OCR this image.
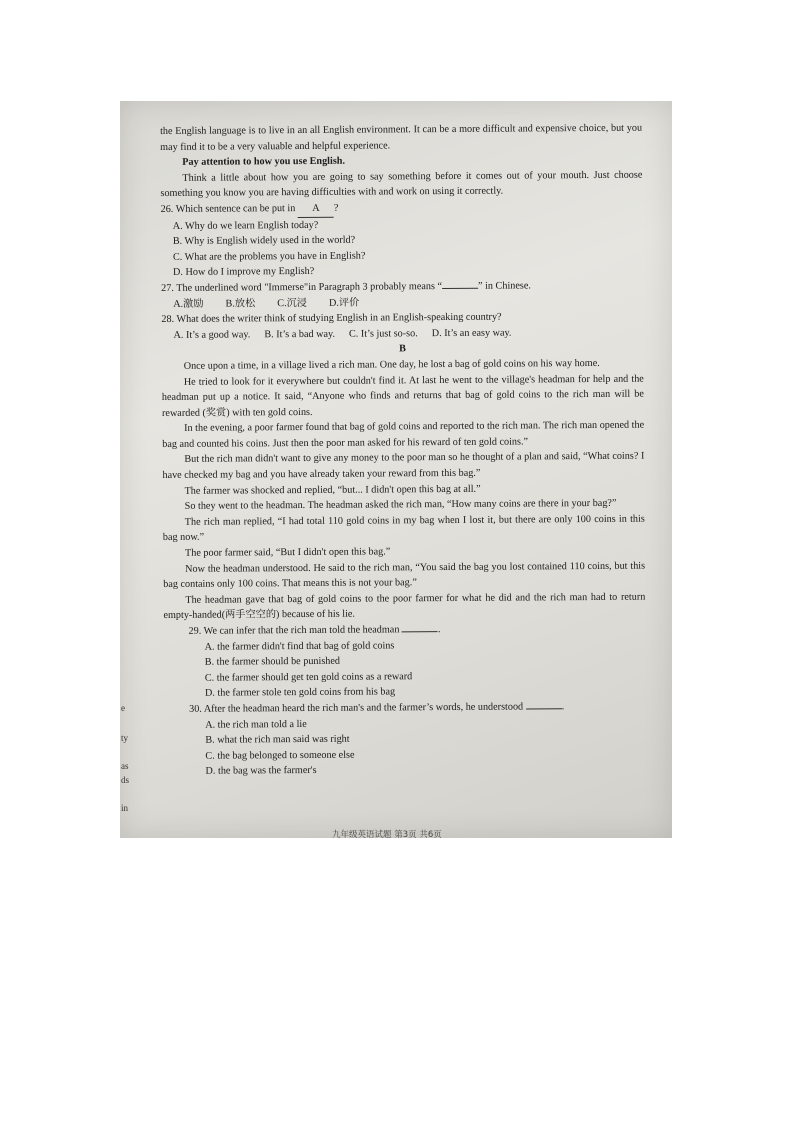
the English language is to live in an all English environment. It can be a more difficult and expensive choice, but you may find it to be a very valuable and helpful experience.

Pay attention to how you use English.

Think a little about how you are going to say something before it comes out of your mouth. Just choose something you know you are having difficulties with and work on using it correctly.

26. Which sentence can be put in A ?

A. Why do we learn English today?

B. Why is English widely used in the world?

C. What are the problems you have in English?

D. How do I improve my English?

27. The underlined word "Immerse"in Paragraph 3 probably means “	” in Chinese.

A.激励 B.放松 C.沉浸 D.评价

28. What does the writer think of studying English in an English-speaking country?

A. It’s a good way. B. It’s a bad way. C. It’s just so-so. D. It’s an easy way.

B

Once upon a time, in a village lived a rich man. One day, he lost a bag of gold coins on his way home.

He tried to look for it everywhere but couldn't find it. At last he went to the village's headman for help and the headman put up a notice. It said, “Anyone who finds and returns that bag of gold coins to the rich man will be rewarded (奖赏) with ten gold coins.

In the evening, a poor farmer found that bag of gold coins and reported to the rich man. The rich man opened the bag and counted his coins. Just then the poor man asked for his reward of ten gold coins.”

But the rich man didn't want to give any money to the poor man so he thought of a plan and said, “What coins? I have checked my bag and you have already taken your reward from this bag.”

The farmer was shocked and replied, “but... I didn't open this bag at all.”

So they went to the headman. The headman asked the rich man, “How many coins are there in your bag?”

The rich man replied, “I had total 110 gold coins in my bag when I lost it, but there are only 100 coins in this bag now.”

The poor farmer said, “But I didn't open this bag.”

Now the headman understood. He said to the rich man, “You said the bag you lost contained 110 coins, but this bag contains only 100 coins. That means this is not your bag.”

The headman gave that bag of gold coins to the poor farmer for what he did and the rich man had to return empty-handed(两手空空的) because of his lie.

29. We can infer that the rich man told the headman	.

A. the farmer didn't find that bag of gold coins

B. the farmer should be punished

C. the farmer should get ten gold coins as a reward

D. the farmer stole ten gold coins from his bag

30. After the headman heard the rich man's and the farmer’s words, he understood	.

A. the rich man told a lie

B. what the rich man said was right

C. the bag belonged to someone else

D. the bag was the farmer's

九年级英语试题 第3页 共6页
e
ty
as
ds
in
